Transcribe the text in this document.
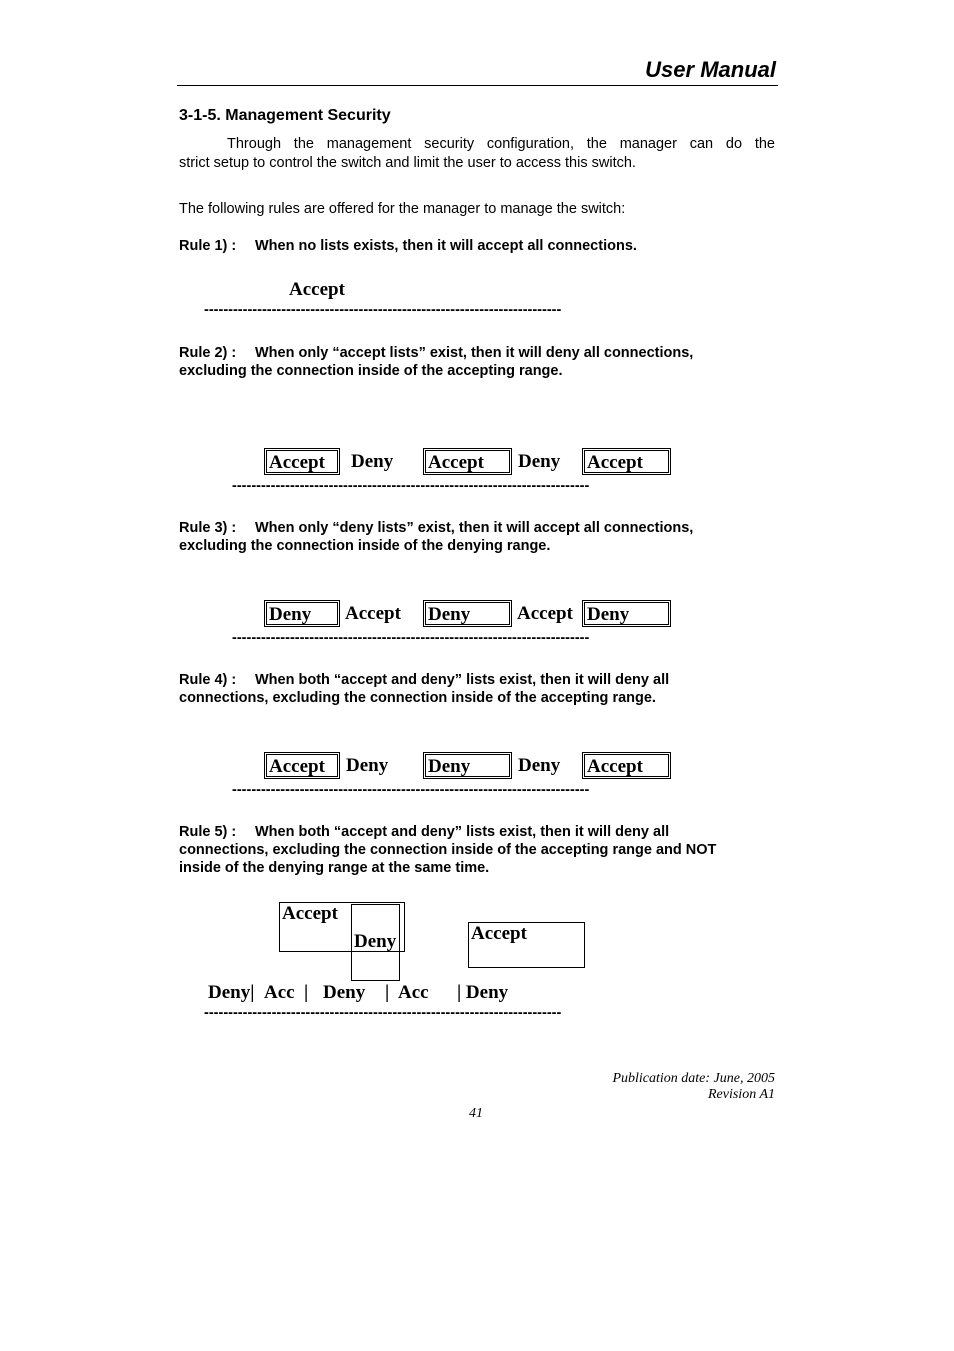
User Manual
3-1-5. Management Security
Through the management security configuration, the manager can do the
strict setup to control the switch and limit the user to access this switch.
The following rules are offered for the manager to manage the switch:
Rule 1) : When no lists exists, then it will accept all connections.
Accept
--------------------------------------------------------------------------
Rule 2) : When only “accept lists” exist, then it will deny all connections,
excluding the connection inside of the accepting range.
Accept	Deny Accept	Deny Accept
--------------------------------------------------------------------------
Rule 3) : When only “deny lists” exist, then it will accept all connections,
excluding the connection inside of the denying range.
Deny	Accept Deny	Accept Deny
--------------------------------------------------------------------------
Rule 4) : When both “accept and deny” lists exist, then it will deny all
connections, excluding the connection inside of the accepting range.
Accept	Deny Deny	Deny Accept
--------------------------------------------------------------------------
Rule 5) : When both “accept and deny” lists exist, then it will deny all
connections, excluding the connection inside of the accepting range and NOT
inside of the denying range at the same time.
Accept
Deny	Accept
Deny| Acc | Deny | Acc | Deny
--------------------------------------------------------------------------
Publication date: June, 2005
Revision A1
41
